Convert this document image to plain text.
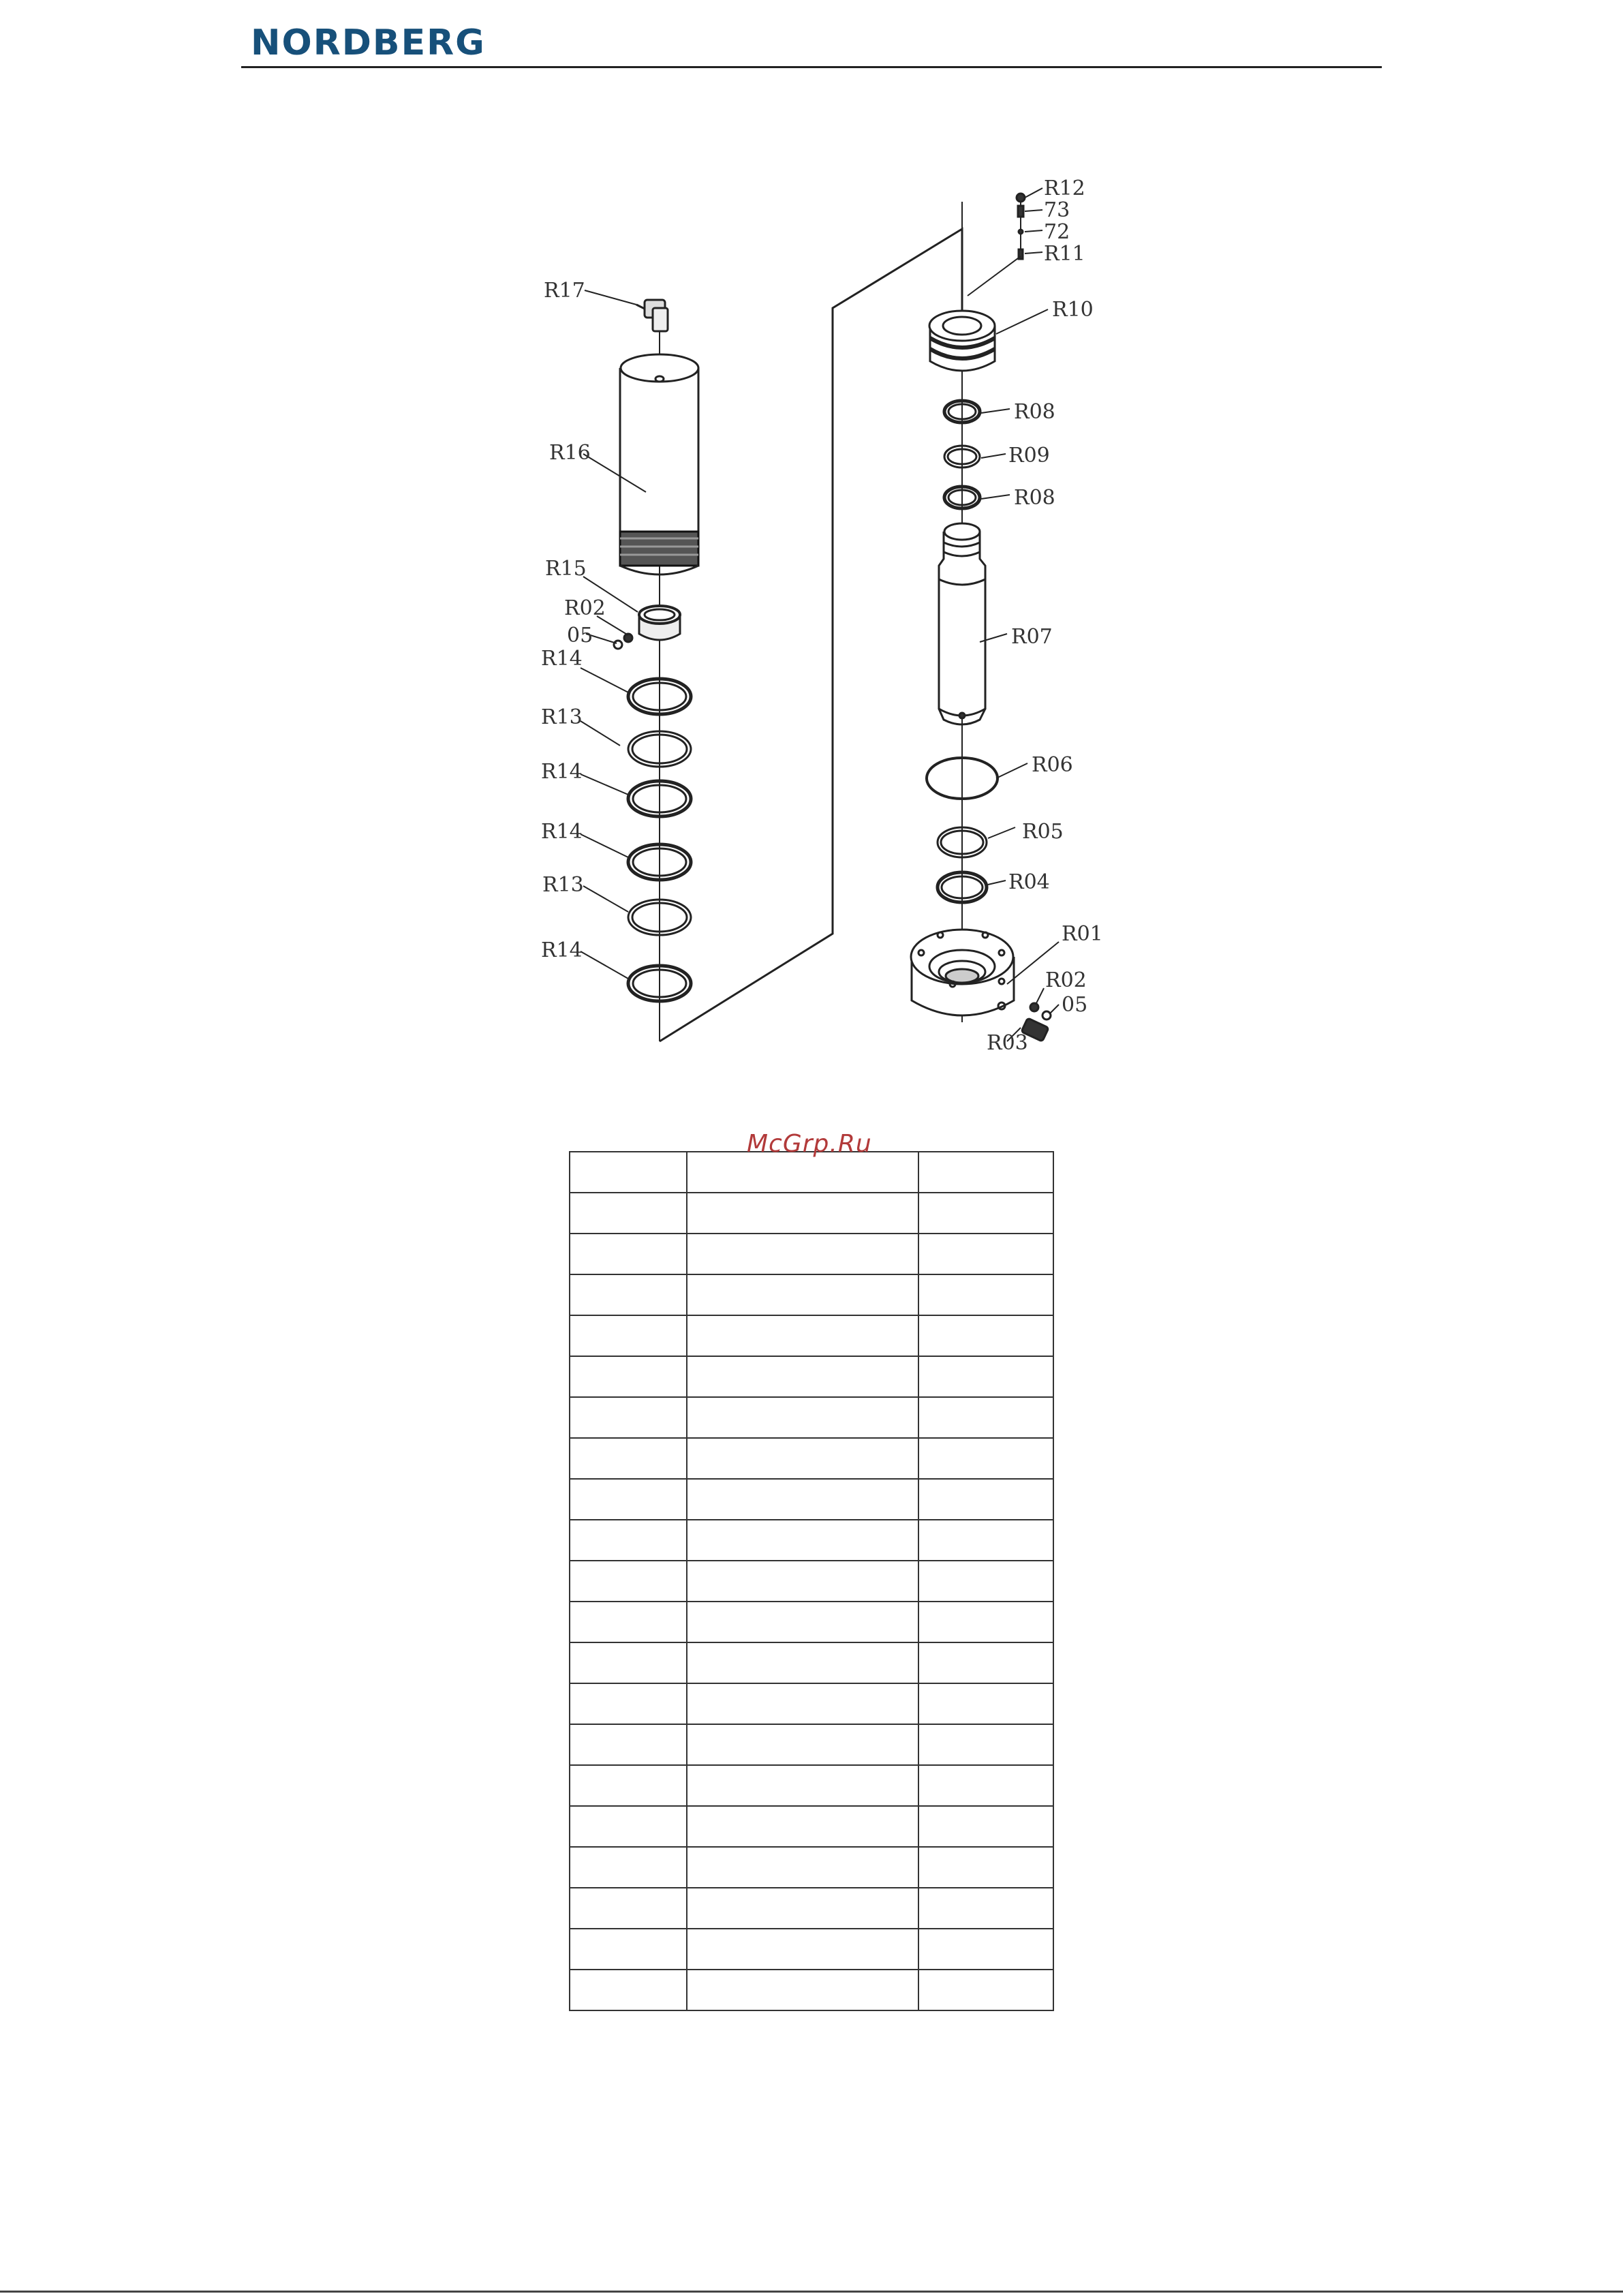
NORDBERG
R17
R16
R15
R02
05
R14
R13
R14
R14
R13
R14
R12
73
72
R11
R10
R08
R09
R08
R07
R06
R05
R04
R01
R02
05
R03

McGrp.Ru
